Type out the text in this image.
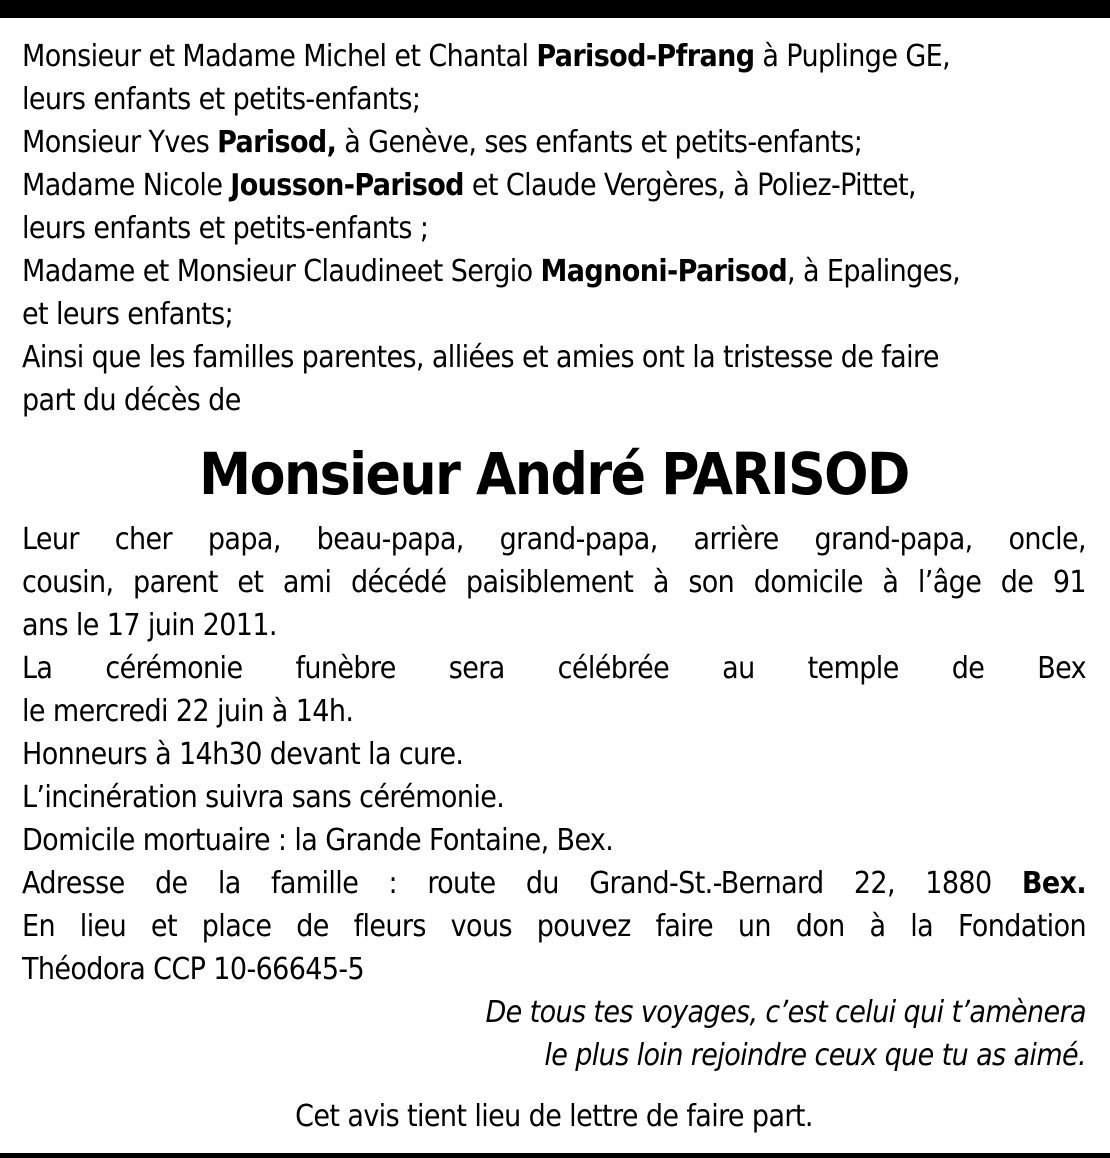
Monsieur et Madame Michel et Chantal Parisod-Pfrang à Puplinge GE,
leurs enfants et petits-enfants;
Monsieur Yves Parisod, à Genève, ses enfants et petits-enfants;
Madame Nicole Jousson-Parisod et Claude Vergères, à Poliez-Pittet,
leurs enfants et petits-enfants ;
Madame et Monsieur Claudineet Sergio Magnoni-Parisod, à Epalinges,
et leurs enfants;
Ainsi que les familles parentes, alliées et amies ont la tristesse de faire
part du décès de
Monsieur André PARISOD
Leur cher papa, beau-papa, grand-papa, arrière grand-papa, oncle,
cousin, parent et ami décédé paisiblement à son domicile à l’âge de 91
ans le 17 juin 2011.
La cérémonie funèbre sera célébrée au temple de Bex
le mercredi 22 juin à 14h.
Honneurs à 14h30 devant la cure.
L’incinération suivra sans cérémonie.
Domicile mortuaire : la Grande Fontaine, Bex.
Adresse de la famille : route du Grand-St.-Bernard 22, 1880 Bex.
En lieu et place de fleurs vous pouvez faire un don à la Fondation
Théodora CCP 10-66645-5
De tous tes voyages, c’est celui qui t’amènera
le plus loin rejoindre ceux que tu as aimé.
Cet avis tient lieu de lettre de faire part.
